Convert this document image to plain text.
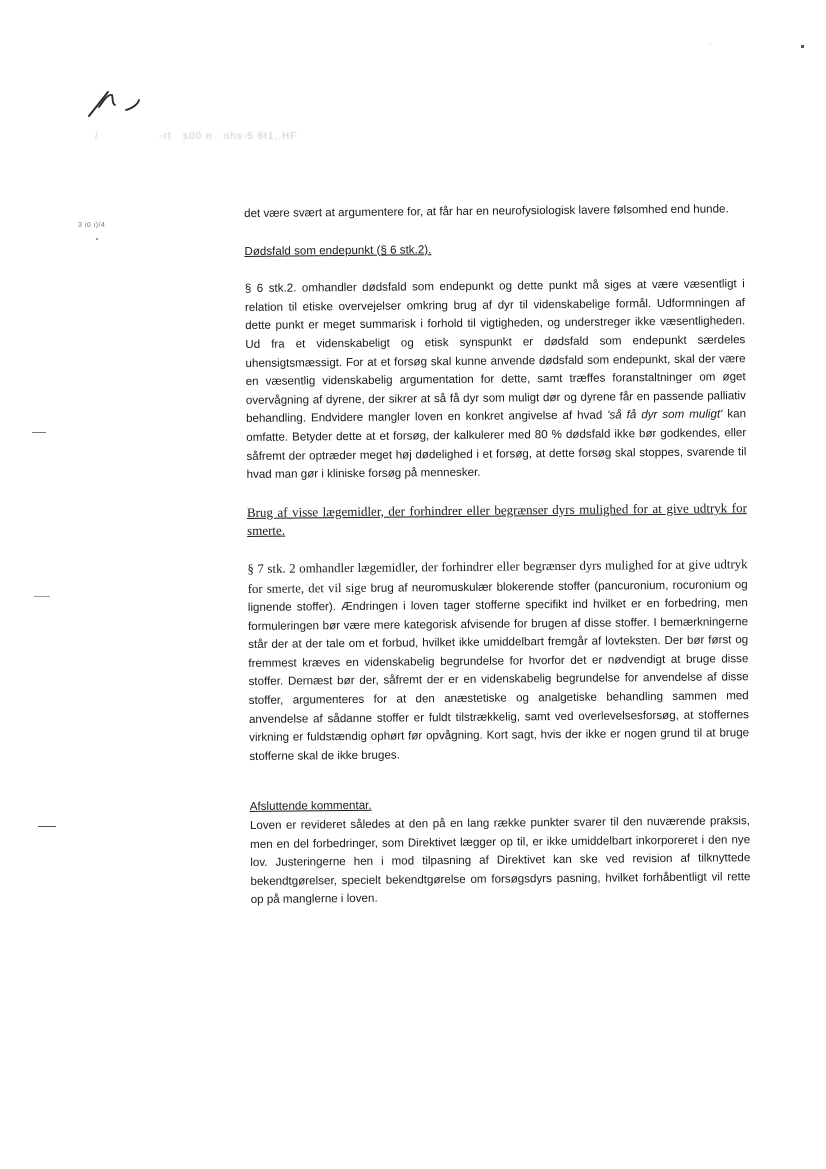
/                -rt   s00 n   ohs-5 6t1,.HF
3 i0 i)/4

det være svært at argumentere for, at får har en neurofysiologisk lavere følsomhed end hunde.

Dødsfald som endepunkt (§ 6 stk.2).

§ 6 stk.2. omhandler dødsfald som endepunkt og dette punkt må siges at være væsentligt i relation til etiske overvejelser omkring brug af dyr til videnskabelige formål. Udformningen af dette punkt er meget summarisk i forhold til vigtigheden, og understreger ikke væsentligheden. Ud fra et videnskabeligt og etisk synspunkt er dødsfald som endepunkt særdeles uhensigtsmæssigt. For at et forsøg skal kunne anvende dødsfald som endepunkt, skal der være en væsentlig videnskabelig argumentation for dette, samt træffes foranstaltninger om øget overvågning af dyrene, der sikrer at så få dyr som muligt dør og dyrene får en passende palliativ behandling. Endvidere mangler loven en konkret angivelse af hvad 'så få dyr som muligt' kan omfatte. Betyder dette at et forsøg, der kalkulerer med 80 % dødsfald ikke bør godkendes, eller såfremt der optræder meget høj dødelighed i et forsøg, at dette forsøg skal stoppes, svarende til hvad man gør i kliniske forsøg på mennesker.

Brug af visse lægemidler, der forhindrer eller begrænser dyrs mulighed for at give udtryk for smerte.

§ 7 stk. 2 omhandler lægemidler, der forhindrer eller begrænser dyrs mulighed for at give udtryk for smerte, det vil sige brug af neuromuskulær blokerende stoffer (pancuronium, rocuronium og lignende stoffer). Ændringen i loven tager stofferne specifikt ind hvilket er en forbedring, men formuleringen bør være mere kategorisk afvisende for brugen af disse stoffer. I bemærkningerne står der at der tale om et forbud, hvilket ikke umiddelbart fremgår af lovteksten. Der bør først og fremmest kræves en videnskabelig begrundelse for hvorfor det er nødvendigt at bruge disse stoffer. Dernæst bør der, såfremt der er en videnskabelig begrundelse for anvendelse af disse stoffer, argumenteres for at den anæstetiske og analgetiske behandling sammen med anvendelse af sådanne stoffer er fuldt tilstrækkelig, samt ved overlevelsesforsøg, at stoffernes virkning er fuldstændig ophørt før opvågning. Kort sagt, hvis der ikke er nogen grund til at bruge stofferne skal de ikke bruges.

Afsluttende kommentar.

Loven er revideret således at den på en lang række punkter svarer til den nuværende praksis, men en del forbedringer, som Direktivet lægger op til, er ikke umiddelbart inkorporeret i den nye lov. Justeringerne hen i mod tilpasning af Direktivet kan ske ved revision af tilknyttede bekendtgørelser, specielt bekendtgørelse om forsøgsdyrs pasning, hvilket forhåbentligt vil rette op på manglerne i loven.
